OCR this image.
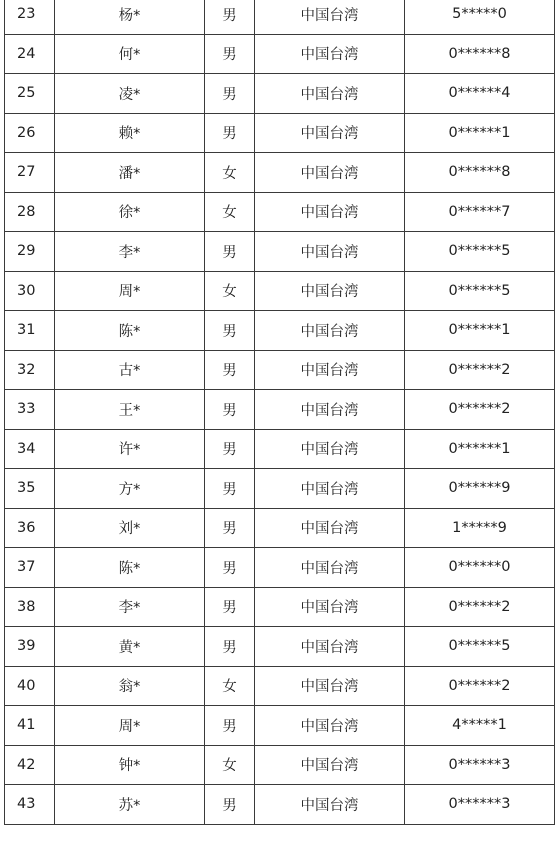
23	杨*	男	中国台湾	5*****0
24	何*	男	中国台湾	0******8
25	凌*	男	中国台湾	0******4
26	赖*	男	中国台湾	0******1
27	潘*	女	中国台湾	0******8
28	徐*	女	中国台湾	0******7
29	李*	男	中国台湾	0******5
30	周*	女	中国台湾	0******5
31	陈*	男	中国台湾	0******1
32	古*	男	中国台湾	0******2
33	王*	男	中国台湾	0******2
34	许*	男	中国台湾	0******1
35	方*	男	中国台湾	0******9
36	刘*	男	中国台湾	1*****9
37	陈*	男	中国台湾	0******0
38	李*	男	中国台湾	0******2
39	黄*	男	中国台湾	0******5
40	翁*	女	中国台湾	0******2
41	周*	男	中国台湾	4*****1
42	钟*	女	中国台湾	0******3
43	苏*	男	中国台湾	0******3
